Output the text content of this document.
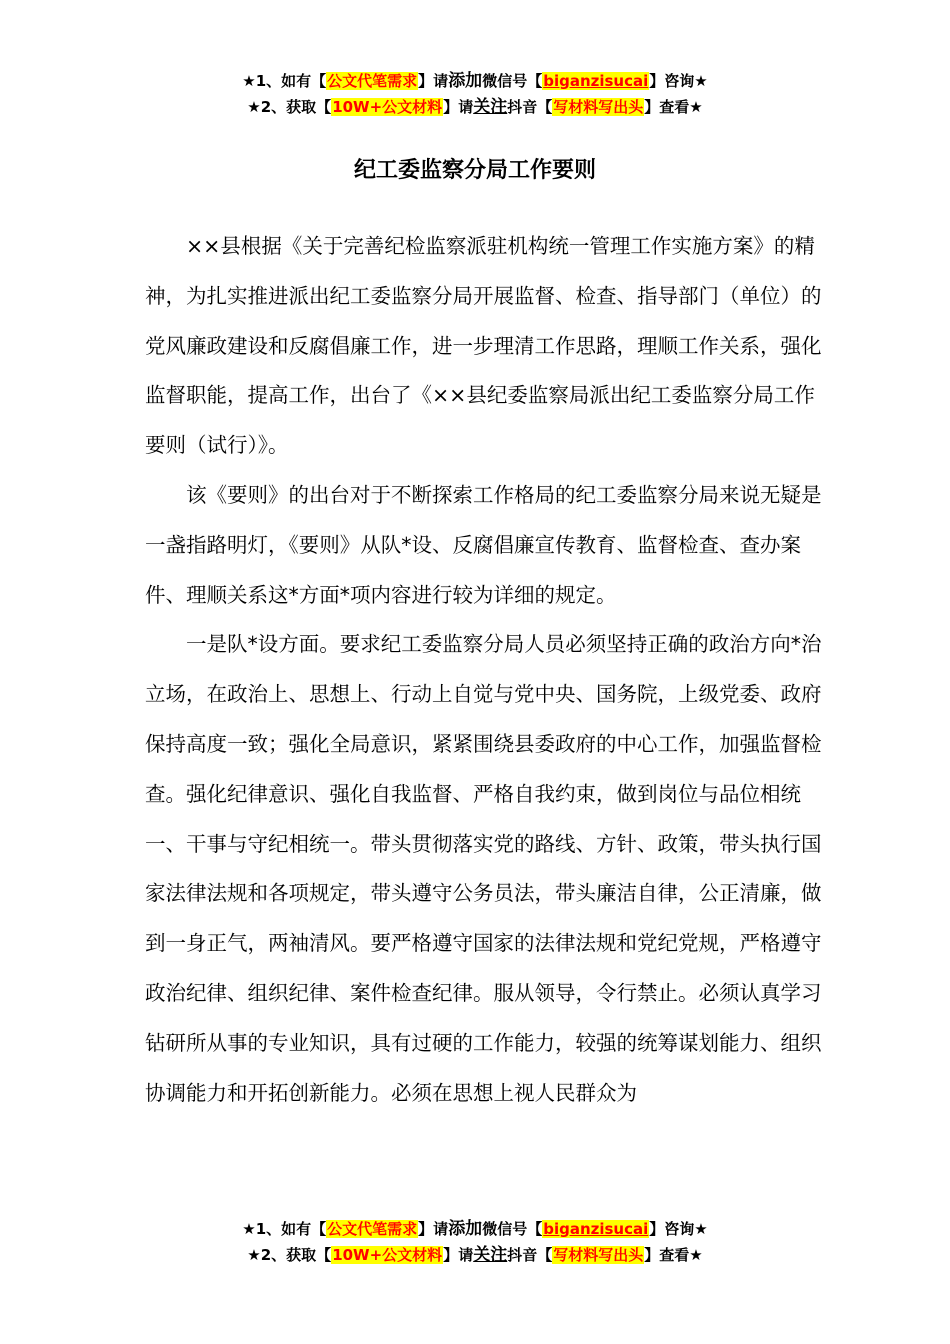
★1、如有【公文代笔需求】请添加微信号【biganzisucai】咨询★
★2、获取【10W+公文材料】请关注抖音【写材料写出头】查看★
纪工委监察分局工作要则

××县根据《关于完善纪检监察派驻机构统一管理工作实施方案》的精神，为扎实推进派出纪工委监察分局开展监督、检查、指导部门（单位）的党风廉政建设和反腐倡廉工作，进一步理清工作思路，理顺工作关系，强化监督职能，提高工作，出台了《××县纪委监察局派出纪工委监察分局工作要则（试行）》。

该《要则》的出台对于不断探索工作格局的纪工委监察分局来说无疑是一盏指路明灯，《要则》从队*设、反腐倡廉宣传教育、监督检查、查办案件、理顺关系这*方面*项内容进行较为详细的规定。

一是队*设方面。要求纪工委监察分局人员必须坚持正确的政治方向*治立场，在政治上、思想上、行动上自觉与党中央、国务院，上级党委、政府保持高度一致；强化全局意识，紧紧围绕县委政府的中心工作，加强监督检查。强化纪律意识、强化自我监督、严格自我约束，做到岗位与品位相统一、干事与守纪相统一。带头贯彻落实党的路线、方针、政策，带头执行国家法律法规和各项规定，带头遵守公务员法，带头廉洁自律，公正清廉，做到一身正气，两袖清风。要严格遵守国家的法律法规和党纪党规，严格遵守政治纪律、组织纪律、案件检查纪律。服从领导，令行禁止。必须认真学习钻研所从事的专业知识，具有过硬的工作能力，较强的统筹谋划能力、组织协调能力和开拓创新能力。必须在思想上视人民群众为

★1、如有【公文代笔需求】请添加微信号【biganzisucai】咨询★
★2、获取【10W+公文材料】请关注抖音【写材料写出头】查看★
